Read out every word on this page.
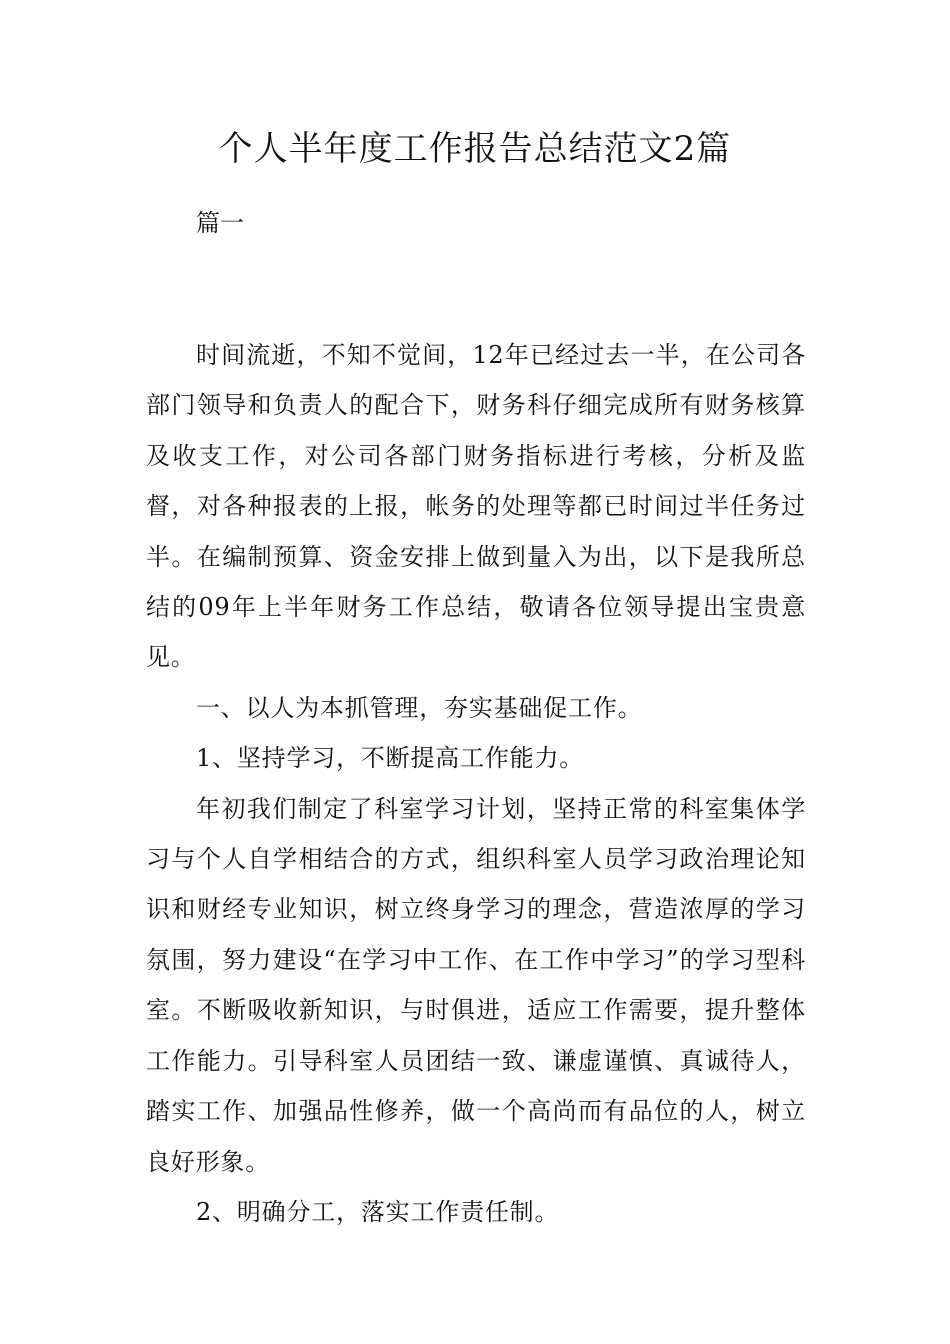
个人半年度工作报告总结范文2篇

篇一

时间流逝，不知不觉间，12年已经过去一半，在公司各部门领导和负责人的配合下，财务科仔细完成所有财务核算及收支工作，对公司各部门财务指标进行考核，分析及监督，对各种报表的上报，帐务的处理等都已时间过半任务过半。在编制预算、资金安排上做到量入为出，以下是我所总结的09年上半年财务工作总结，敬请各位领导提出宝贵意见。

一、以人为本抓管理，夯实基础促工作。

1、坚持学习，不断提高工作能力。

年初我们制定了科室学习计划，坚持正常的科室集体学习与个人自学相结合的方式，组织科室人员学习政治理论知识和财经专业知识，树立终身学习的理念，营造浓厚的学习氛围，努力建设“在学习中工作、在工作中学习”的学习型科室。不断吸收新知识，与时俱进，适应工作需要，提升整体工作能力。引导科室人员团结一致、谦虚谨慎、真诚待人，踏实工作、加强品性修养，做一个高尚而有品位的人，树立良好形象。

2、明确分工，落实工作责任制。
